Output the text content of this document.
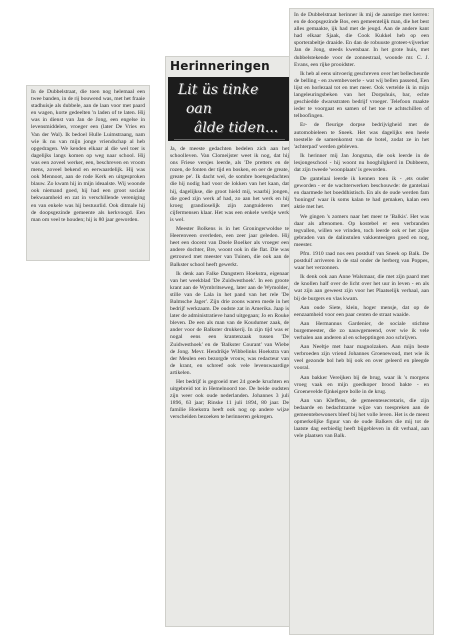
In de Dubbelstraat, die toen nog helemaal een twee banden, in de rij bouwend was, met het fraaie stadhuisje als dubbele, aan de laan voor met paard en wagen, korte gedeelten 'n laden of te laten. Hij was in dienst van Jan de Jong, een engelse in levensmiddelen, vroeger een (later De Vries en Van der Wal). Ik bedoel Hulle Luimstraang, nam wie ik nu van mijn jonge vriendschap al heb opgedragen. We kenden elkaar al die wel toer is dagelijks langs komen op weg naar school. Hij was een zoveel werker, een, beschreven en vroom mens, zoveel bekend en eerwaardelijk. Hij was ook Mennoot, aan de rode Kerk en uitgesproken blauw. Zo kwam hij in mijn ideaalste. Wij woonde ook niemand goed, hij had een groot sociale bekwaamheid en zat in verschillende vereniging en van enkele was hij bestuurlid. Ook ditmale hij de doopsgezinde gemeente als kerkvoogd. Een man om veel te houden; hij is 80 jaar geworden.

Herinneringen
Lit üs tinke
oan
âlde tiden...

Ja, de meeste gedachten bedelen zich aan het schoolleven. Van Clomeijster weet ik nog, dat hij ons Friese versjes leerde, als 'De pretters en de rozen, de fonten der tijd en bosken, en oer de greate, greate pe'. Ik dacht wel, de sombre boetsgedachten die hij nodig had voor de lokken van het kaan, dat hij, dagelijkse, die groot hield mij, waarbij jongen, die goed zijn werk af had, zo aan het werk en hij kroeg grandioselijk zijn zangtuideren met cijfermensen klaar. Het was een enkele werkje werk is wel.

Meester Bolkens is in het Groningerwoldse te Heerenveen overleden, een zeer jaar geleden. Hij heet een docent van Doele Boelker als vroeger een andere dochter, Bre, woont ook in die flat. Die was getrouwd met meester van Tuinen, die ook aan de Balkster school heeft gewerkt.

Ik denk aan Falke Dangstern Hoekstra, eigenaar van het weekblad 'De Zuidwesthoek'. In een groote krant aan de Wymbritseweg, later aan de Wymolder, stille van de Lala in het pand van het rele 'De Balmsche Jager'. Zijn drie zoons waren mede in het bedrijf werkzaam. De oudste zat in Amerika. Jaap is later de administratieve hand uitgegaan; Jo en Rouke bleven. De een als man van de Koudumer zaak, de ander voor de Balkster drukkerij. In zijn tijd was er nogal eens een krantenzaak tussen 'De Zuidwesthoek' en de 'Balkster Courant' van Wiebe de Jong. Mevr. Hendrikje Wibbelinks Hoekstra van der Meulen een bezorgde vrouw, was redacteur van de krant, en schreef ook vele levenswaardige artikelen.

Het bedrijf is gegroeid met 24 goede kruchten en uitgebreid tot in Hemelnoord toe. De beide oudsten zijn weer ook oude nederlanden. Johannes 3 juli 1896, 63 jaar; Rinske 11 juli 1894, 80 jaar. De familie Hoekstra heeft ook nog op andere wijze verscheiden bezoeken te herinneren gekregen.

In de Dubbelstraat herinner ik mij de aanstipe met kerren: en de doopsgezinde Bos, een gemeentelijk man, die het best alles gemaakte, ijk had met de jeugd. Aan de andere kant had elkaar Sjaak, die Cook Kukkel heb op een sporterabeltje draaide. En dan de robuuste groteet-vijverker Jan de Jong, steeds kwetsbaar. In het grote huis, met dubbelstekende voor de zonnestraal, woonde mr. C. J. Evans, een rijke prooidster.

Ik heb al eens uitvoerig geschreven over het bellecheurde de belling - en zwembevoerle - wat wij bellen passend, Een lijst en horlezaal tot en met meer. Ook vertelde ik in mijn langeleuringsbeken van het Dorpshuis, bar, echte geschiedde dwarsstraten bedrijf vroeger. Telefoon maakte ieder te voorgaat en samen of het toe te achtschillen of telboofingen.

Er- de fleurige dorpse bedrijvigheid met de automobieleen te Sneek. Het was dagelijks een heele toestelle de samenkomst van de botel, zodat ze in het 'achterpad' werden gebleven.

Ik herinner mij Jan Jongsma, die ook leerde in de lesjongeschool - hij woont nu hooghilgkerd in Dubbeem, dat zijn tweede 'woonplaats' is geworden.

De gantelaai leerde ik kennen toen ik - ,ets ouder geworden - er de wachterwerken beschouwde: de gantelaai en daarmede het boeddhistisch. En als de oude werden fam 'honingst' waar ik soms kalan te had gemaken, kalan een aktie met het.

We gingen 's zomers naar het meer te 'Balkis'. Het was daar als aftenomen. Op kostebel er een verbranden tegvallen, willen we vrinden, toch leerde ook er het zijne gebraden van de dalinstulen vakkenteeigen goed en nog, meester.

Pfm. 1910 raad nos een postduif van Sneek op Balk. De postduif arriveren in de stal onder de herberg van Poppes, waar het verzonnen.

Ik denk ook aan Anne Walsmaar, die met zijn paard met de knollen half over de licht over het uur in leven - en als wat zijn aan geweest zijn voor het Plaatselijk verhaal, aan bij de burgers en vlas kwam.

Aan oude Siete, klein, hoger mensje, dat op de eenzaamheid voor een paar centen de straat waaide.

Aan Hermannus Gardenier, de sociale stichtse burgemeester, die zo nauwgemeend, over wie ik vele verhalen aan anderen al en schepptingen zoo schrijven.

Aan Neeltje met haar magnolzaken. Aan mijn beste verbroeden zijn vriend Johannes Groenewoud, met wie ik veel gezonde bol heb bij ook en over geleerd en pleegde vooral.

Aan bakker Vereijken bij de brug, waar ik 's morgens vroeg vaak en mijn goedkoper brood bakte - en Groenevelde fijnkeigere bolle in de krug.

Aan van Kleffens, de gemeentesecretaris, die zijn bedaarde en bedachtzame wijze van toespreken aan de gemeentebewoners bleef bij het volle leven. Het is de meest opmerkelijke figuur van de oude Balkers die mij tot de laatste dag eerbiedig heeft bijgebleven in dit verhaal, aan vele plaatsen van Balk.
